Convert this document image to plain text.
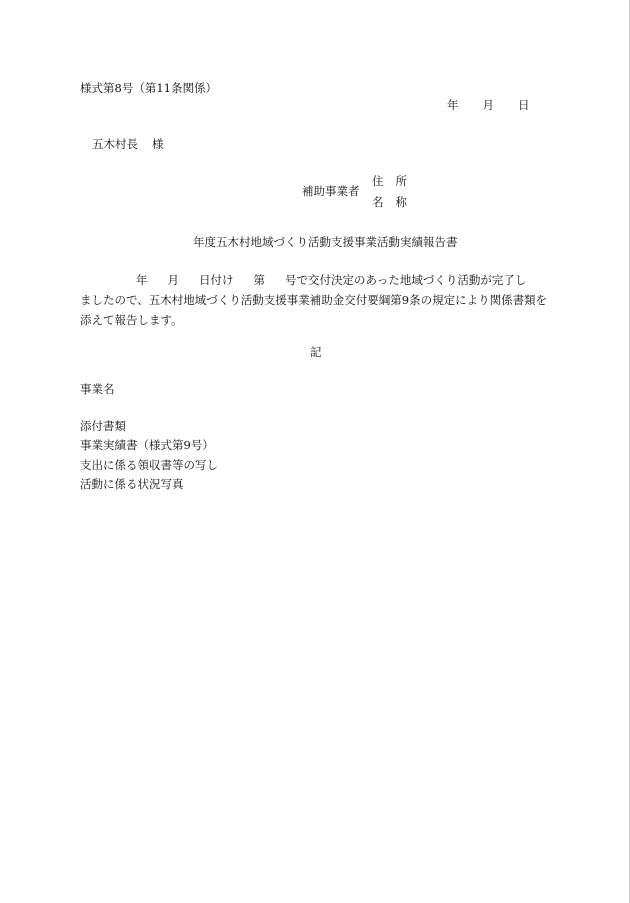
様式第8号（第11条関係）
年 月 日
五木村長 様
補助事業者
住 所
名 称
年度五木村地域づくり活動支援事業活動実績報告書
年 月 日付け 第 号で交付決定のあった地域づくり活動が完了し
ましたので、五木村地域づくり活動支援事業補助金交付要綱第9条の規定により関係書類を
添えて報告します。
記
事業名
添付書類
事業実績書（様式第9号）
支出に係る領収書等の写し
活動に係る状況写真
